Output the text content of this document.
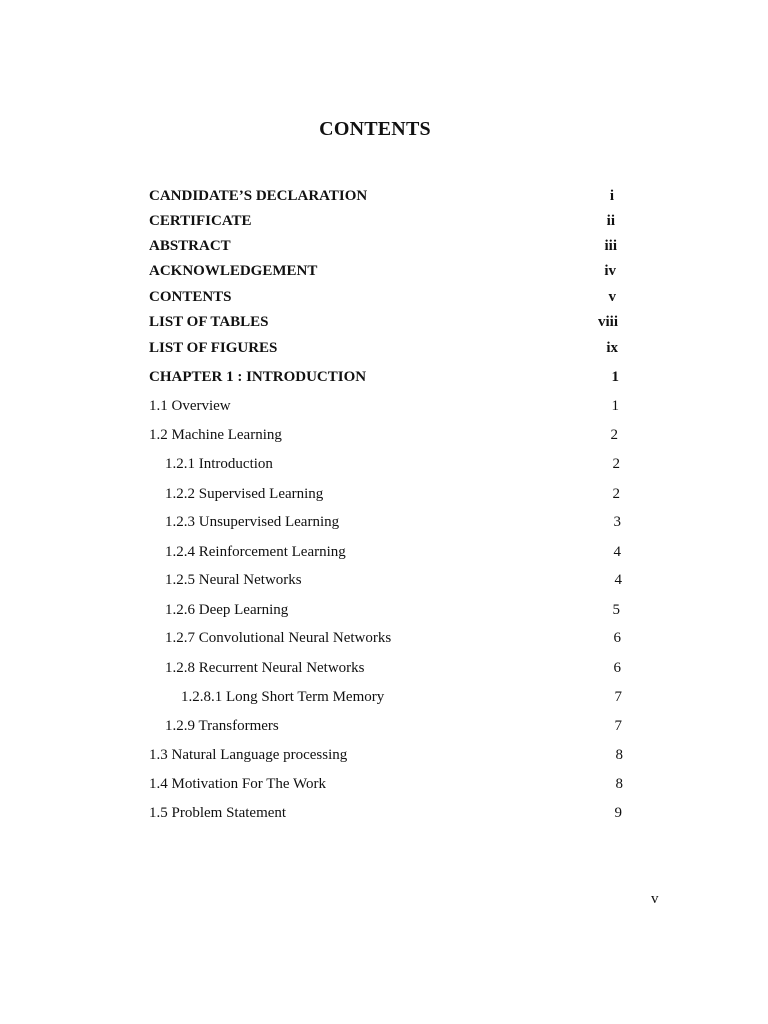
CONTENTS
CANDIDATE’S DECLARATION	i
CERTIFICATE	ii
ABSTRACT	iii
ACKNOWLEDGEMENT	iv
CONTENTS	v
LIST OF TABLES	viii
LIST OF FIGURES	ix
CHAPTER 1 : INTRODUCTION	1
1.1 Overview	1
1.2 Machine Learning	2
1.2.1 Introduction	2
1.2.2 Supervised Learning	2
1.2.3 Unsupervised Learning	3
1.2.4 Reinforcement Learning	4
1.2.5 Neural Networks	4
1.2.6 Deep Learning	5
1.2.7 Convolutional Neural Networks	6
1.2.8 Recurrent Neural Networks	6
1.2.8.1 Long Short Term Memory	7
1.2.9 Transformers	7
1.3 Natural Language processing	8
1.4 Motivation For The Work	8
1.5 Problem Statement	9
v
